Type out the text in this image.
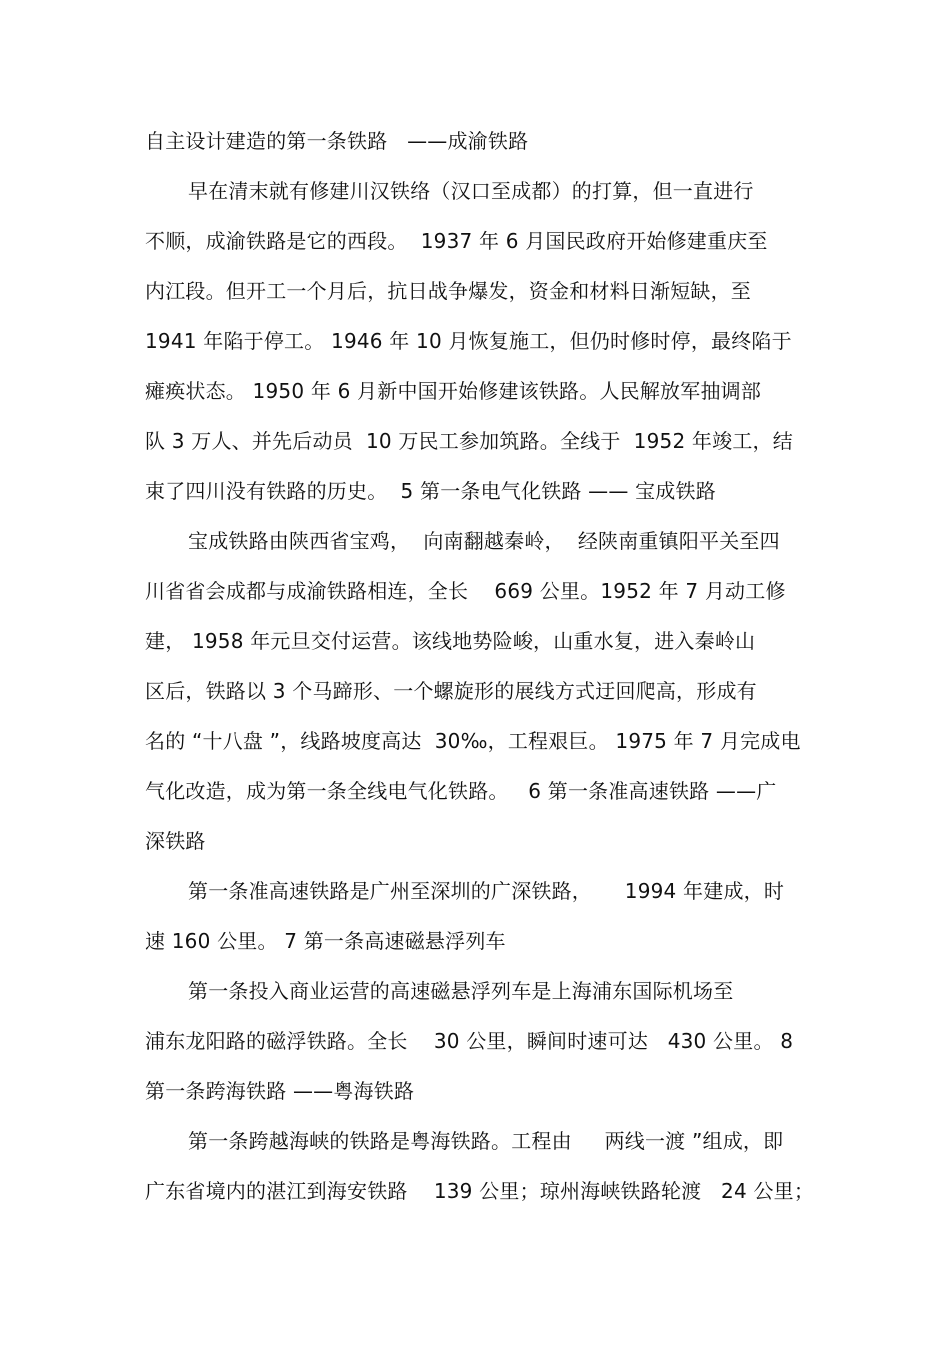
自主设计建造的第一条铁路   ——成渝铁路
早在清末就有修建川汉铁络（汉口至成都）的打算，但一直进行
不顺，成渝铁路是它的西段。  1937 年 6 月国民政府开始修建重庆至
内江段。但开工一个月后，抗日战争爆发，资金和材料日渐短缺，至
1941 年陷于停工。 1946 年 10 月恢复施工，但仍时修时停，最终陷于
瘫痪状态。 1950 年 6 月新中国开始修建该铁路。人民解放军抽调部
队 3 万人、并先后动员  10 万民工参加筑路。全线于  1952 年竣工，结
束了四川没有铁路的历史。  5 第一条电气化铁路 —— 宝成铁路
宝成铁路由陕西省宝鸡，  向南翻越秦岭，  经陕南重镇阳平关至四
川省省会成都与成渝铁路相连，全长    669 公里。1952 年 7 月动工修
建， 1958 年元旦交付运营。该线地势险峻，山重水复，进入秦岭山
区后，铁路以 3 个马蹄形、一个螺旋形的展线方式迂回爬高，形成有
名的 “十八盘 ”，线路坡度高达  30‰，工程艰巨。 1975 年 7 月完成电
气化改造，成为第一条全线电气化铁路。   6 第一条准高速铁路 ——广
深铁路
第一条准高速铁路是广州至深圳的广深铁路，     1994 年建成，时
速 160 公里。 7 第一条高速磁悬浮列车
第一条投入商业运营的高速磁悬浮列车是上海浦东国际机场至
浦东龙阳路的磁浮铁路。全长    30 公里，瞬间时速可达   430 公里。 8
第一条跨海铁路 ——粤海铁路
第一条跨越海峡的铁路是粤海铁路。工程由     两线一渡 ”组成，即
广东省境内的湛江到海安铁路    139 公里；琼州海峡铁路轮渡   24 公里；
